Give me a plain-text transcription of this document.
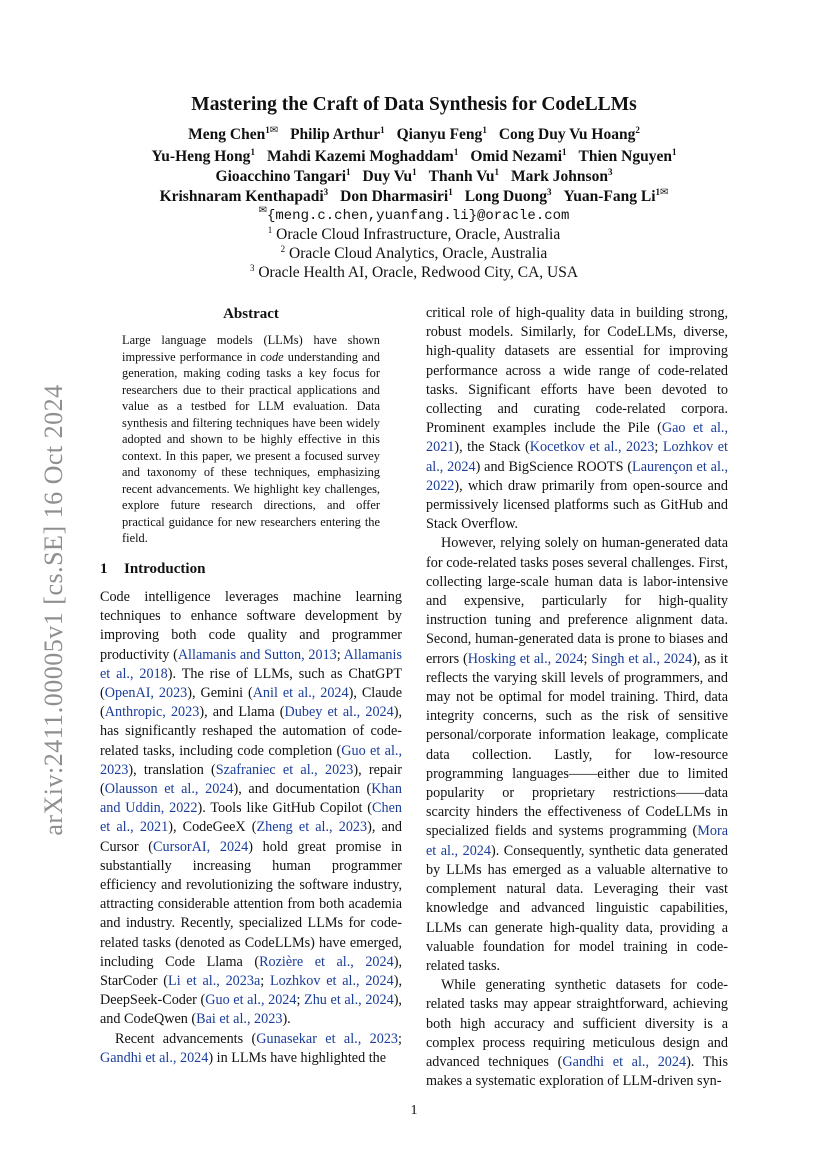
arXiv:2411.00005v1 [cs.SE] 16 Oct 2024
Mastering the Craft of Data Synthesis for CodeLLMs
Meng Chen$^{1✉}$ Philip Arthur$^1$ Qianyu Feng$^1$ Cong Duy Vu Hoang$^2$
Yu-Heng Hong$^1$ Mahdi Kazemi Moghaddam$^1$ Omid Nezami$^1$ Thien Nguyen$^1$
Gioacchino Tangari$^1$ Duy Vu$^1$ Thanh Vu$^1$ Mark Johnson$^3$
Krishnaram Kenthapadi$^3$ Don Dharmasiri$^1$ Long Duong$^3$ Yuan-Fang $Li^{1✉}$
✉{meng.c.chen,yuanfang.li}@oracle.com
$^1$ Oracle Cloud Infrastructure, Oracle, Australia
$^2$ Oracle Cloud Analytics, Oracle, Australia
$^3$ Oracle Health AI, Oracle, Redwood City, CA, USA
Abstract

Large language models (LLMs) have shown impressive performance in code understanding and generation, making coding tasks a key focus for researchers due to their practical applications and value as a testbed for LLM evaluation. Data synthesis and filtering techniques have been widely adopted and shown to be highly effective in this context. In this paper, we present a focused survey and taxonomy of these techniques, emphasizing recent advancements. We highlight key challenges, explore future research directions, and offer practical guidance for new researchers entering the field.

1 Introduction

Code intelligence leverages machine learning techniques to enhance software development by improving both code quality and programmer productivity (Allamanis and Sutton, 2013; Allamanis et al., 2018). The rise of LLMs, such as ChatGPT (OpenAI, 2023), Gemini (Anil et al., 2024), Claude (Anthropic, 2023), and Llama (Dubey et al., 2024), has significantly reshaped the automation of code-related tasks, including code completion (Guo et al., 2023), translation (Szafraniec et al., 2023), repair (Olausson et al., 2024), and documentation (Khan and Uddin, 2022). Tools like GitHub Copilot (Chen et al., 2021), CodeGeeX (Zheng et al., 2023), and Cursor (CursorAI, 2024) hold great promise in substantially increasing human programmer efficiency and revolutionizing the software industry, attracting considerable attention from both academia and industry. Recently, specialized LLMs for code-related tasks (denoted as CodeLLMs) have emerged, including Code Llama (Rozière et al., 2024), StarCoder (Li et al., 2023a; Lozhkov et al., 2024), DeepSeek-Coder (Guo et al., 2024; Zhu et al., 2024), and CodeQwen (Bai et al., 2023).

Recent advancements (Gunasekar et al., 2023; Gandhi et al., 2024) in LLMs have highlighted the

critical role of high-quality data in building strong, robust models. Similarly, for CodeLLMs, diverse, high-quality datasets are essential for improving performance across a wide range of code-related tasks. Significant efforts have been devoted to collecting and curating code-related corpora. Prominent examples include the Pile (Gao et al., 2021), the Stack (Kocetkov et al., 2023; Lozhkov et al., 2024) and BigScience ROOTS (Laurençon et al., 2022), which draw primarily from open-source and permissively licensed platforms such as GitHub and Stack Overflow.

However, relying solely on human-generated data for code-related tasks poses several challenges. First, collecting large-scale human data is labor-intensive and expensive, particularly for high-quality instruction tuning and preference alignment data. Second, human-generated data is prone to biases and errors (Hosking et al., 2024; Singh et al., 2024), as it reflects the varying skill levels of programmers, and may not be optimal for model training. Third, data integrity concerns, such as the risk of sensitive personal/corporate information leakage, complicate data collection. Lastly, for low-resource programming languages——either due to limited popularity or proprietary restrictions——data scarcity hinders the effectiveness of CodeLLMs in specialized fields and systems programming (Mora et al., 2024). Consequently, synthetic data generated by LLMs has emerged as a valuable alternative to complement natural data. Leveraging their vast knowledge and advanced linguistic capabilities, LLMs can generate high-quality data, providing a valuable foundation for model training in code-related tasks.

While generating synthetic datasets for code-related tasks may appear straightforward, achieving both high accuracy and sufficient diversity is a complex process requiring meticulous design and advanced techniques (Gandhi et al., 2024). This makes a systematic exploration of LLM-driven syn-

1
